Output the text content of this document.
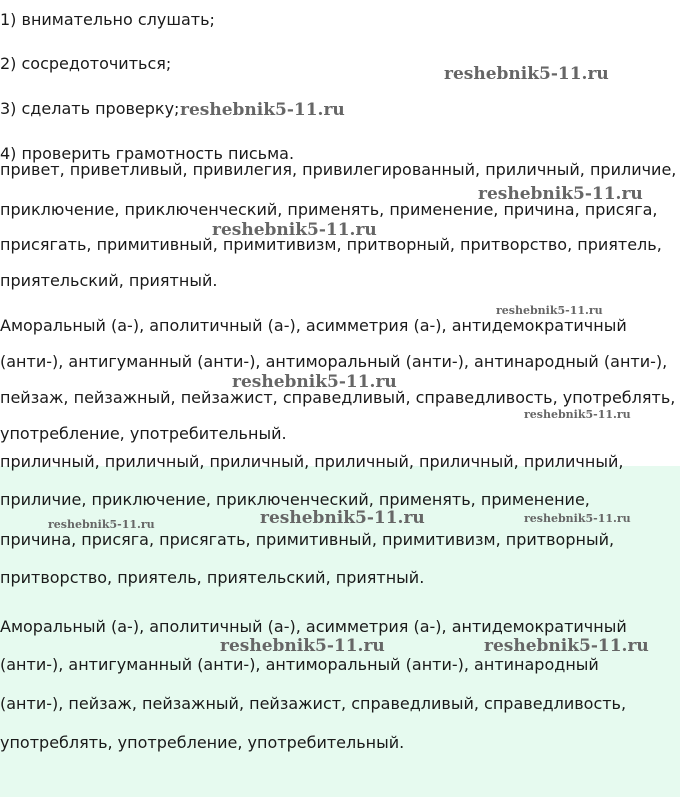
1) внимательно слушать;
2) сосредоточиться;
3) сделать проверку;
4) проверить грамотность письма.
привет, приветливый, привилегия, привилегированный, приличный, приличие,
приключение, приключенческий, применять, применение, причина, присяга,
присягать, примитивный, примитивизм, притворный, притворство, приятель,
приятельский, приятный.
Аморальный (а-), аполитичный (а-), асимметрия (а-), антидемократичный
(анти-), антигуманный (анти-), антиморальный (анти-), антинародный (анти-),
пейзаж, пейзажный, пейзажист, справедливый, справедливость, употреблять,
употребление, употребительный.
приличный, приличный, приличный, приличный, приличный, приличный,
приличие, приключение, приключенческий, применять, применение,
причина, присяга, присягать, примитивный, примитивизм, притворный,
притворство, приятель, приятельский, приятный.
Аморальный (а-), аполитичный (а-), асимметрия (а-), антидемократичный
(анти-), антигуманный (анти-), антиморальный (анти-), антинародный
(анти-), пейзаж, пейзажный, пейзажист, справедливый, справедливость,
употреблять, употребление, употребительный.
reshebnik5-11.ru
reshebnik5-11.ru
reshebnik5-11.ru
reshebnik5-11.ru
reshebnik5-11.ru
reshebnik5-11.ru
reshebnik5-11.ru
reshebnik5-11.ru	reshebnik5-11.ru	reshebnik5-11.ru
reshebnik5-11.ru	reshebnik5-11.ru
